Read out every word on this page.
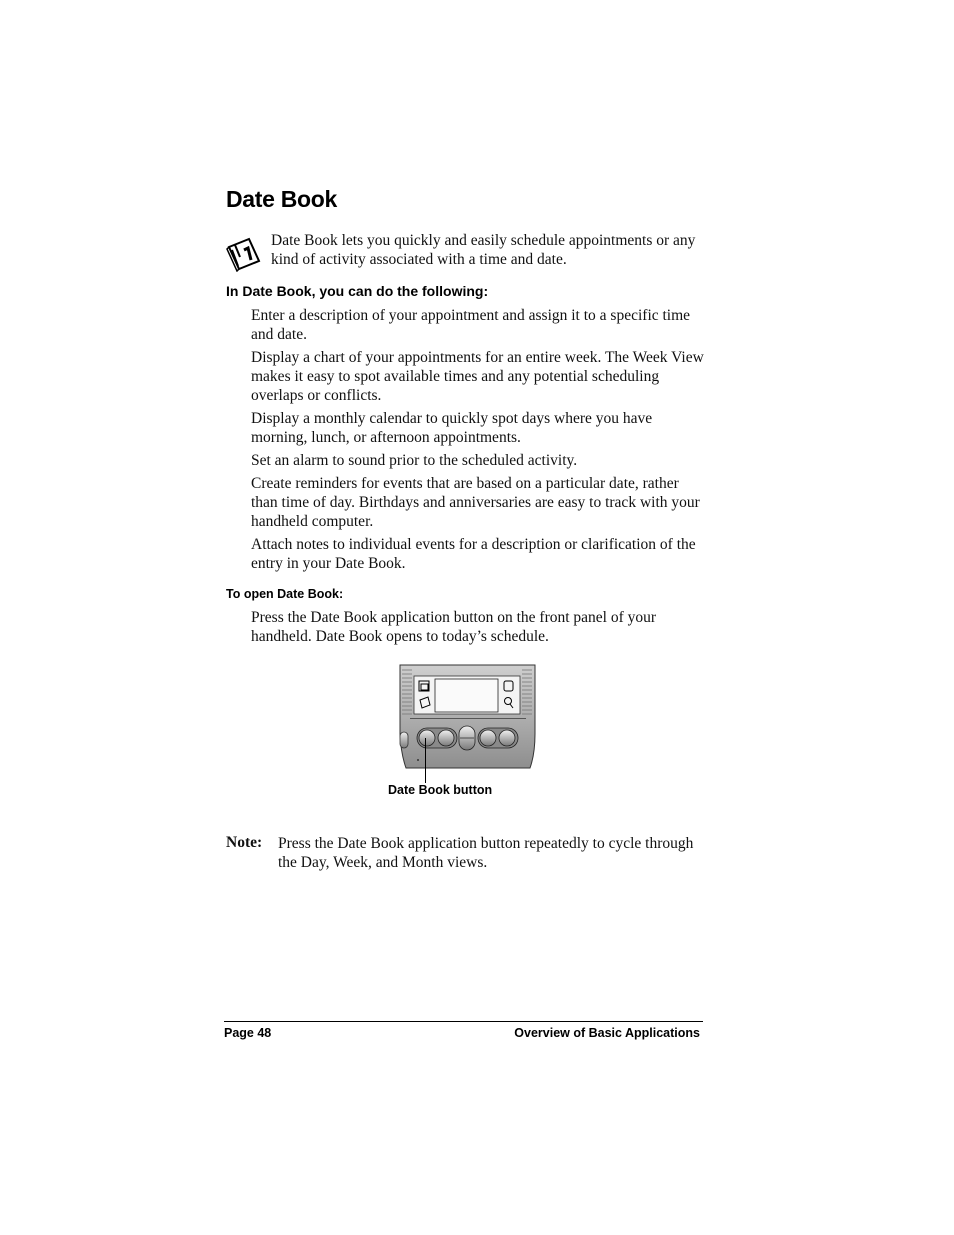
Date Book

Date Book lets you quickly and easily schedule appointments or any kind of activity associated with a time and date.

In Date Book, you can do the following:

Enter a description of your appointment and assign it to a specific time and date.

Display a chart of your appointments for an entire week. The Week View makes it easy to spot available times and any potential scheduling overlaps or conflicts.

Display a monthly calendar to quickly spot days where you have morning, lunch, or afternoon appointments.

Set an alarm to sound prior to the scheduled activity.

Create reminders for events that are based on a particular date, rather than time of day. Birthdays and anniversaries are easy to track with your handheld computer.

Attach notes to individual events for a description or clarification of the entry in your Date Book.

To open Date Book:

Press the Date Book application button on the front panel of your handheld. Date Book opens to today’s schedule.

Date Book button

Note: Press the Date Book application button repeatedly to cycle through the Day, Week, and Month views.

Page 48	Overview of Basic Applications
